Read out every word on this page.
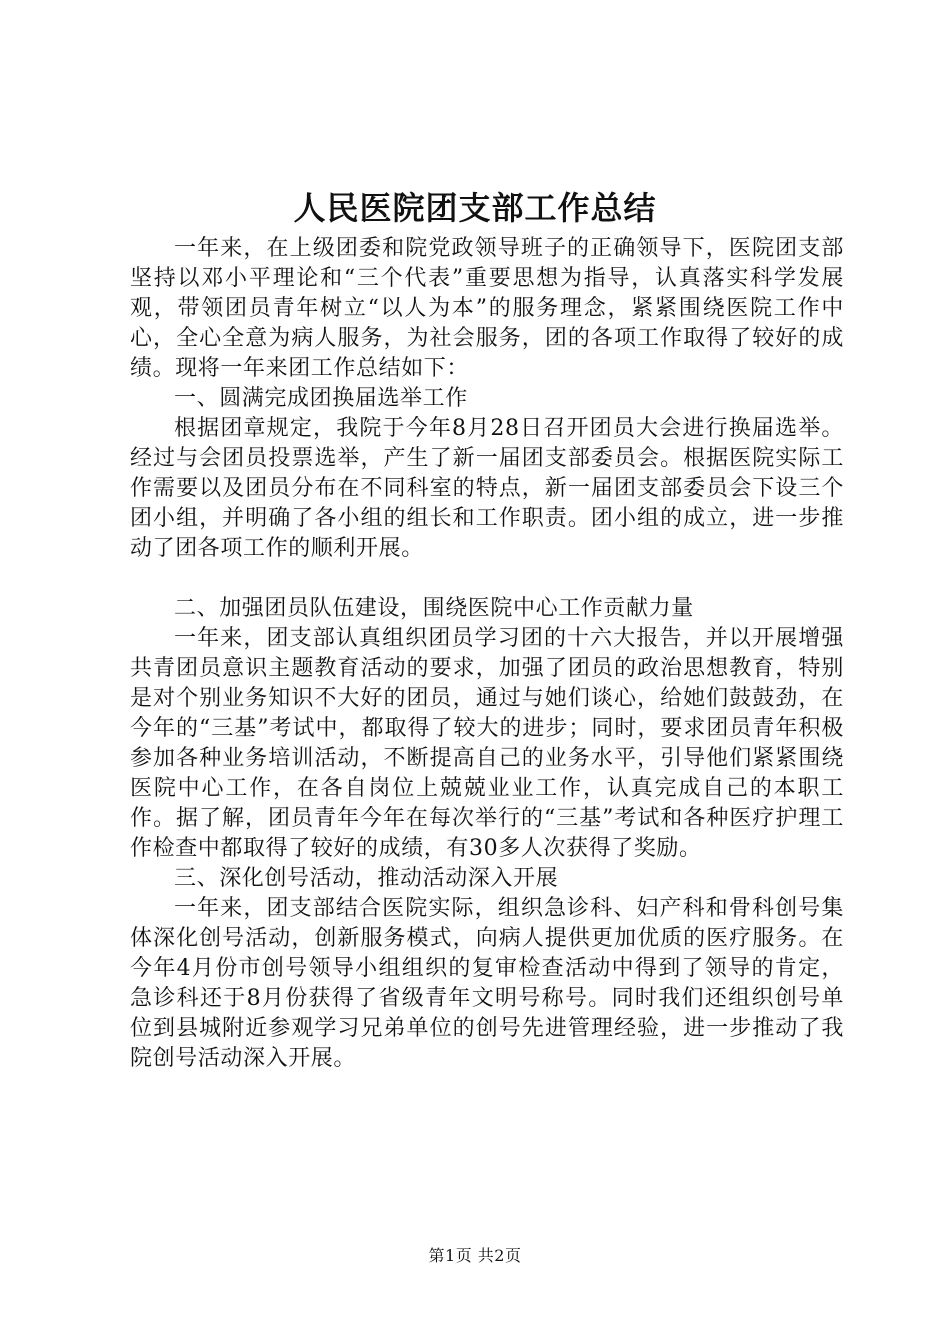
人民医院团支部工作总结

一年来，在上级团委和院党政领导班子的正确领导下，医院团支部坚持以邓小平理论和“三个代表”重要思想为指导，认真落实科学发展观，带领团员青年树立“以人为本”的服务理念，紧紧围绕医院工作中心，全心全意为病人服务，为社会服务，团的各项工作取得了较好的成绩。现将一年来团工作总结如下：

一、圆满完成团换届选举工作

根据团章规定，我院于今年8月28日召开团员大会进行换届选举。经过与会团员投票选举，产生了新一届团支部委员会。根据医院实际工作需要以及团员分布在不同科室的特点，新一届团支部委员会下设三个团小组，并明确了各小组的组长和工作职责。团小组的成立，进一步推动了团各项工作的顺利开展。

二、加强团员队伍建设，围绕医院中心工作贡献力量

一年来，团支部认真组织团员学习团的十六大报告，并以开展增强共青团员意识主题教育活动的要求，加强了团员的政治思想教育，特别是对个别业务知识不大好的团员，通过与她们谈心，给她们鼓鼓劲，在今年的“三基”考试中，都取得了较大的进步；同时，要求团员青年积极参加各种业务培训活动，不断提高自己的业务水平，引导他们紧紧围绕医院中心工作，在各自岗位上兢兢业业工作，认真完成自己的本职工作。据了解，团员青年今年在每次举行的“三基”考试和各种医疗护理工作检查中都取得了较好的成绩，有30多人次获得了奖励。

三、深化创号活动，推动活动深入开展

一年来，团支部结合医院实际，组织急诊科、妇产科和骨科创号集体深化创号活动，创新服务模式，向病人提供更加优质的医疗服务。在今年4月份市创号领导小组组织的复审检查活动中得到了领导的肯定，急诊科还于8月份获得了省级青年文明号称号。同时我们还组织创号单位到县城附近参观学习兄弟单位的创号先进管理经验，进一步推动了我院创号活动深入开展。

第1页 共2页
